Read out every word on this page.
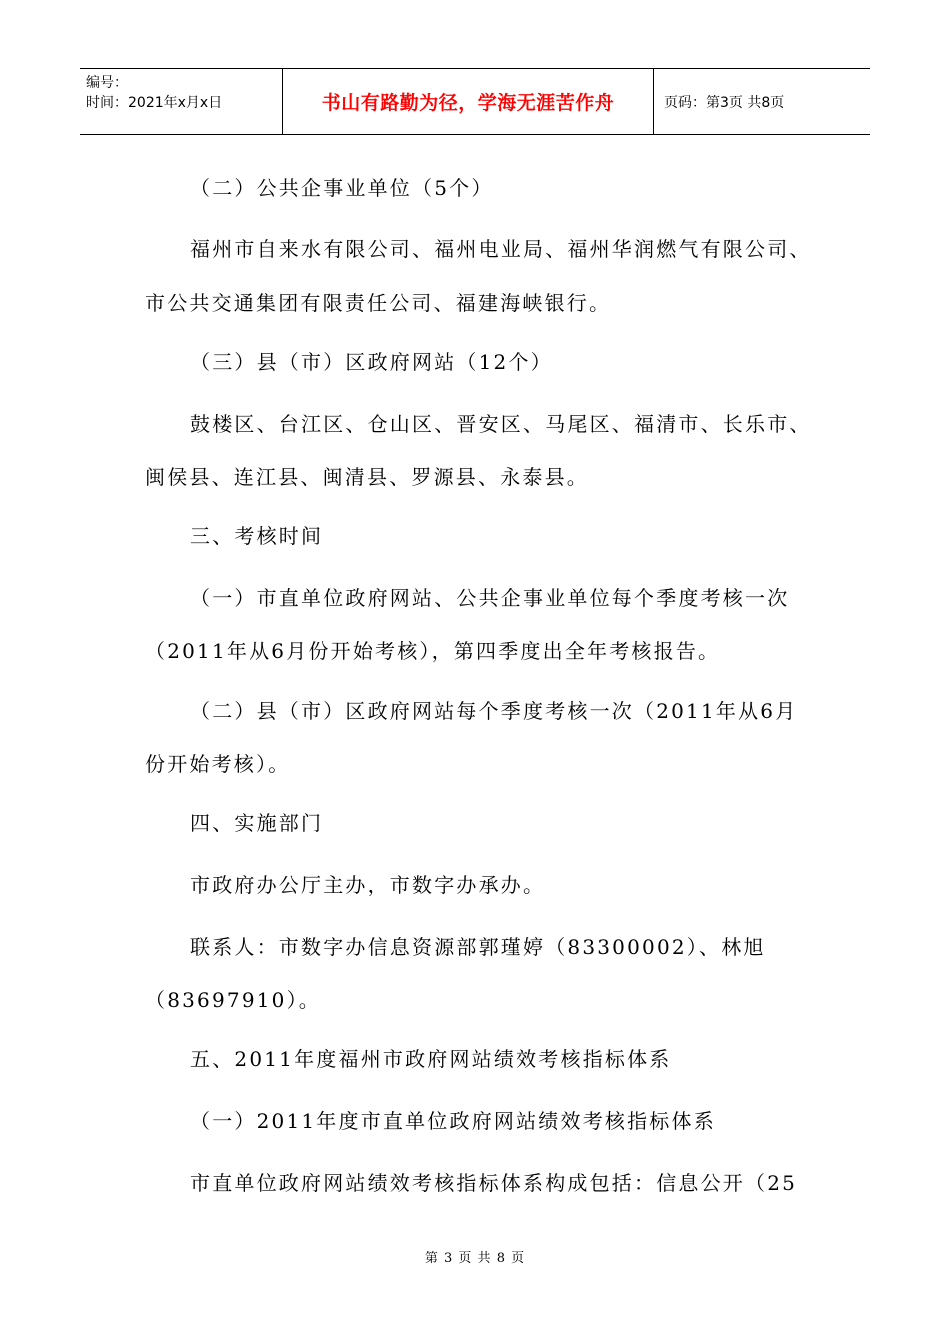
编号：
时间：2021年x月x日	书山有路勤为径，学海无涯苦作舟	页码：第3页 共8页
（二）公共企事业单位（5个）
福州市自来水有限公司、福州电业局、福州华润燃气有限公司、
市公共交通集团有限责任公司、福建海峡银行。
（三）县（市）区政府网站（12个）
鼓楼区、台江区、仓山区、晋安区、马尾区、福清市、长乐市、
闽侯县、连江县、闽清县、罗源县、永泰县。
三、考核时间
（一）市直单位政府网站、公共企事业单位每个季度考核一次
（2011年从6月份开始考核），第四季度出全年考核报告。
（二）县（市）区政府网站每个季度考核一次（2011年从6月
份开始考核）。
四、实施部门
市政府办公厅主办，市数字办承办。
联系人：市数字办信息资源部郭瑾婷（83300002）、林旭
（83697910）。
五、2011年度福州市政府网站绩效考核指标体系
（一）2011年度市直单位政府网站绩效考核指标体系
市直单位政府网站绩效考核指标体系构成包括：信息公开（25
第 3 页 共 8 页
